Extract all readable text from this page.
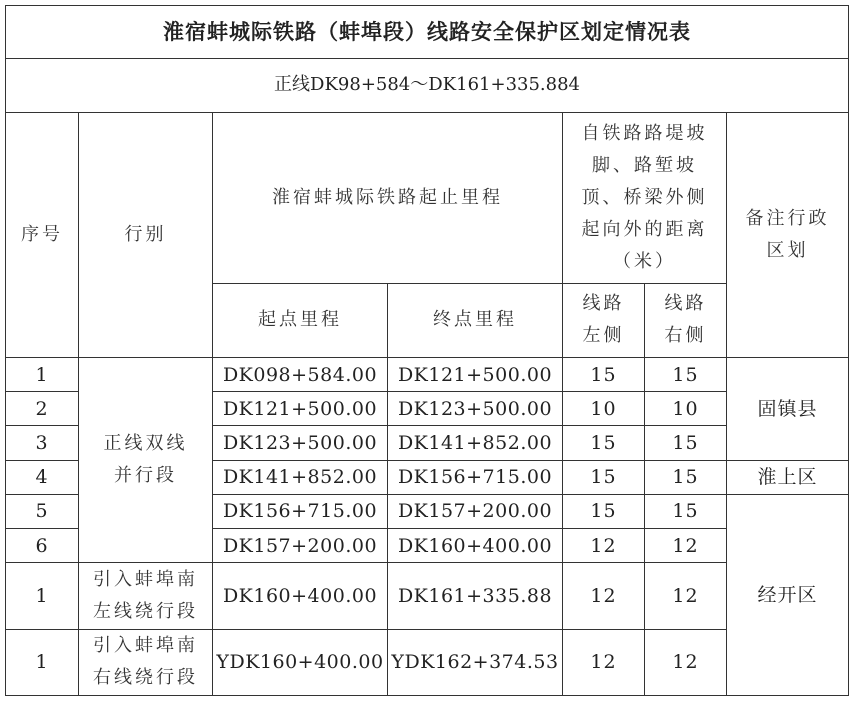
淮宿蚌城际铁路（蚌埠段）线路安全保护区划定情况表						
正线DK98+584～DK161+335.884						
序号	行别	淮宿蚌城际铁路起止里程		自铁路路堤坡脚、路堑坡顶、桥梁外侧起向外的距离（米）		备注行政区划
		起点里程	终点里程	线路左侧	线路右侧	
1	正线双线并行段	DK098+584.00	DK121+500.00	15	15	固镇县
2		DK121+500.00	DK123+500.00	10	10	
3		DK123+500.00	DK141+852.00	15	15	
4		DK141+852.00	DK156+715.00	15	15	淮上区
5		DK156+715.00	DK157+200.00	15	15	经开区
6		DK157+200.00	DK160+400.00	12	12	
1	引入蚌埠南左线绕行段	DK160+400.00	DK161+335.88	12	12	
1	引入蚌埠南右线绕行段	YDK160+400.00	YDK162+374.53	12	12	
